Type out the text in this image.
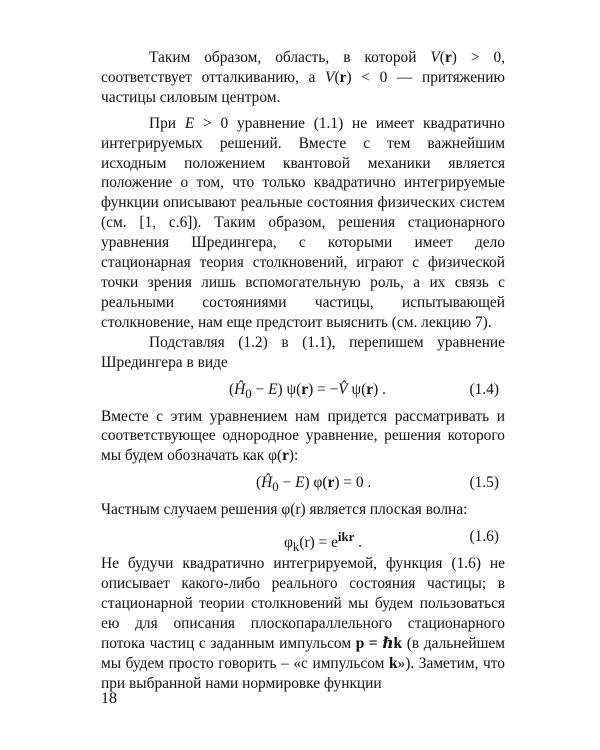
Таким образом, область, в которой V(r) > 0, соответствует отталкиванию, а V(r) < 0 — притяжению частицы силовым центром.

При E > 0 уравнение (1.1) не имеет квадратично интегрируемых решений. Вместе с тем важнейшим исходным положением квантовой механики является положение о том, что только квадратично интегрируемые функции описывают реальные состояния физических систем (см. [1, с.6]). Таким образом, решения стационарного уравнения Шредингера, с которыми имеет дело стационарная теория столкновений, играют с физической точки зрения лишь вспомогательную роль, а их связь с реальными состояниями частицы, испытывающей столкновение, нам еще предстоит выяснить (см. лекцию 7).

Подставляя (1.2) в (1.1), перепишем уравнение Шредингера в виде

$(Ĥ_0 - E) \psi(r)$ = −V̂ ψ(r) .	(1.4)

Вместе с этим уравнением нам придется рассматривать и соответствующее однородное уравнение, решения которого мы будем обозначать как φ(r):

$(Ĥ_0 - E) \varphi(r) = 0$ .	(1.5)

Частным случаем решения φ(r) является плоская волна:

$\varphi_k(r) = e^{ikr}$ .	(1.6)

Не будучи квадратично интегрируемой, функция (1.6) не описывает какого-либо реального состояния частицы; в стационарной теории столкновений мы будем пользоваться ею для описания плоскопараллельного стационарного потока частиц с заданным импульсом p = ℏk (в дальнейшем мы будем просто говорить – «с импульсом k»). Заметим, что при выбранной нами нормировке функции

18
